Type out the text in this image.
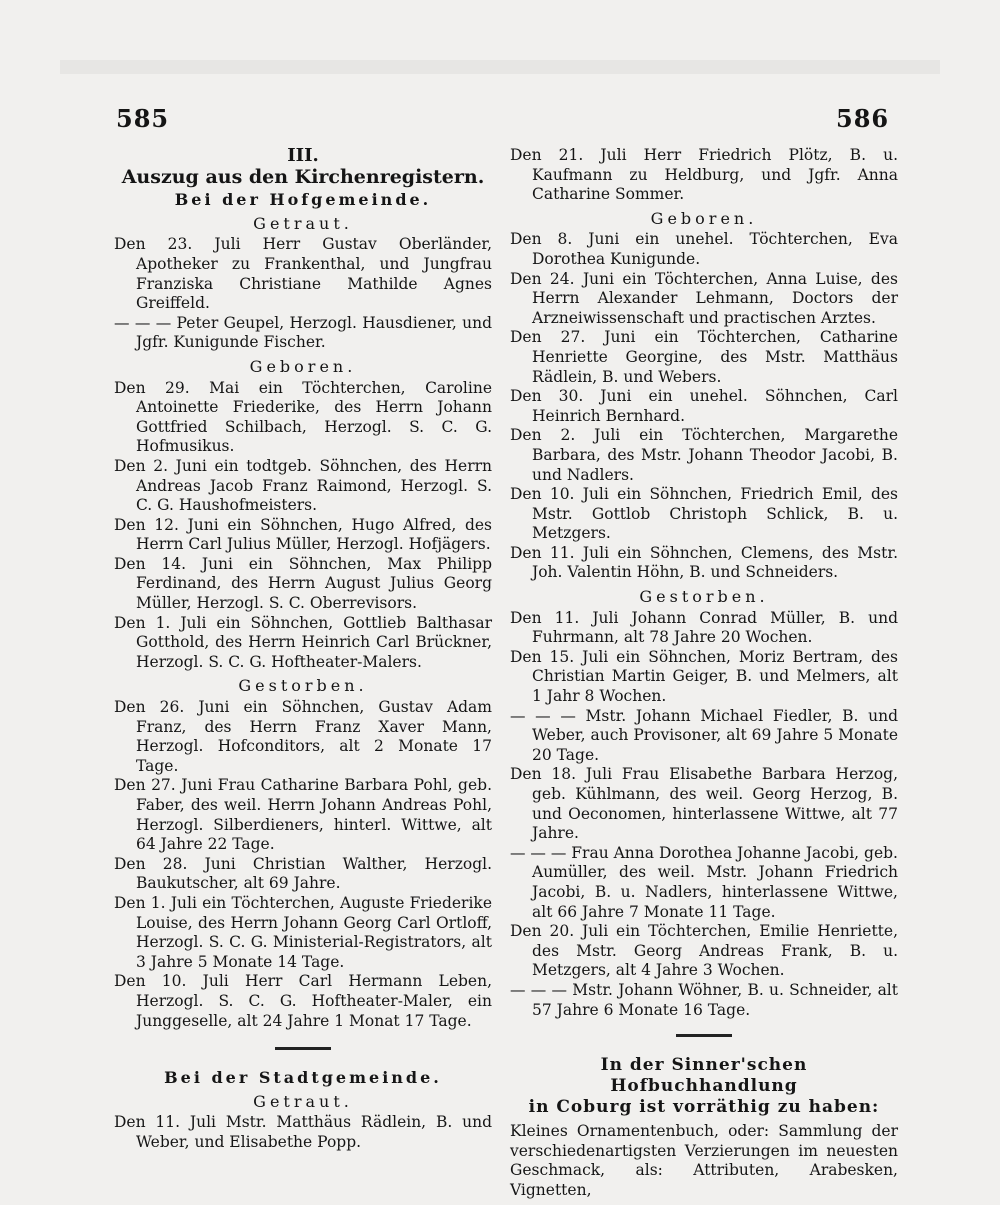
585	586
III.
Auszug aus den Kirchenregistern.
Bei der Hofgemeinde.
Getraut.
Den 23. Juli Herr Gustav Oberländer, Apotheker zu Frankenthal, und Jungfrau Franziska Christiane Mathilde Agnes Greiffeld.
— — — Peter Geupel, Herzogl. Hausdiener, und Jgfr. Kunigunde Fischer.
Geboren.
Den 29. Mai ein Töchterchen, Caroline Antoinette Friederike, des Herrn Johann Gottfried Schilbach, Herzogl. S. C. G. Hofmusikus.
Den 2. Juni ein todtgeb. Söhnchen, des Herrn Andreas Jacob Franz Raimond, Herzogl. S. C. G. Haushofmeisters.
Den 12. Juni ein Söhnchen, Hugo Alfred, des Herrn Carl Julius Müller, Herzogl. Hofjägers.
Den 14. Juni ein Söhnchen, Max Philipp Ferdinand, des Herrn August Julius Georg Müller, Herzogl. S. C. Oberrevisors.
Den 1. Juli ein Söhnchen, Gottlieb Balthasar Gotthold, des Herrn Heinrich Carl Brückner, Herzogl. S. C. G. Hoftheater-Malers.
Gestorben.
Den 26. Juni ein Söhnchen, Gustav Adam Franz, des Herrn Franz Xaver Mann, Herzogl. Hofconditors, alt 2 Monate 17 Tage.
Den 27. Juni Frau Catharine Barbara Pohl, geb. Faber, des weil. Herrn Johann Andreas Pohl, Herzogl. Silberdieners, hinterl. Wittwe, alt 64 Jahre 22 Tage.
Den 28. Juni Christian Walther, Herzogl. Baukutscher, alt 69 Jahre.
Den 1. Juli ein Töchterchen, Auguste Friederike Louise, des Herrn Johann Georg Carl Ortloff, Herzogl. S. C. G. Ministerial-Registrators, alt 3 Jahre 5 Monate 14 Tage.
Den 10. Juli Herr Carl Hermann Leben, Herzogl. S. C. G. Hoftheater-Maler, ein Junggeselle, alt 24 Jahre 1 Monat 17 Tage.
Bei der Stadtgemeinde.
Getraut.
Den 11. Juli Mstr. Matthäus Rädlein, B. und Weber, und Elisabethe Popp.
Den 21. Juli Herr Friedrich Plötz, B. u. Kaufmann zu Heldburg, und Jgfr. Anna Catharine Sommer.
Geboren.
Den 8. Juni ein unehel. Töchterchen, Eva Dorothea Kunigunde.
Den 24. Juni ein Töchterchen, Anna Luise, des Herrn Alexander Lehmann, Doctors der Arzneiwissenschaft und practischen Arztes.
Den 27. Juni ein Töchterchen, Catharine Henriette Georgine, des Mstr. Matthäus Rädlein, B. und Webers.
Den 30. Juni ein unehel. Söhnchen, Carl Heinrich Bernhard.
Den 2. Juli ein Töchterchen, Margarethe Barbara, des Mstr. Johann Theodor Jacobi, B. und Nadlers.
Den 10. Juli ein Söhnchen, Friedrich Emil, des Mstr. Gottlob Christoph Schlick, B. u. Metzgers.
Den 11. Juli ein Söhnchen, Clemens, des Mstr. Joh. Valentin Höhn, B. und Schneiders.
Gestorben.
Den 11. Juli Johann Conrad Müller, B. und Fuhrmann, alt 78 Jahre 20 Wochen.
Den 15. Juli ein Söhnchen, Moriz Bertram, des Christian Martin Geiger, B. und Melmers, alt 1 Jahr 8 Wochen.
— — — Mstr. Johann Michael Fiedler, B. und Weber, auch Provisoner, alt 69 Jahre 5 Monate 20 Tage.
Den 18. Juli Frau Elisabethe Barbara Herzog, geb. Kühlmann, des weil. Georg Herzog, B. und Oeconomen, hinterlassene Wittwe, alt 77 Jahre.
— — — Frau Anna Dorothea Johanne Jacobi, geb. Aumüller, des weil. Mstr. Johann Friedrich Jacobi, B. u. Nadlers, hinterlassene Wittwe, alt 66 Jahre 7 Monate 11 Tage.
Den 20. Juli ein Töchterchen, Emilie Henriette, des Mstr. Georg Andreas Frank, B. u. Metzgers, alt 4 Jahre 3 Wochen.
— — — Mstr. Johann Wöhner, B. u. Schneider, alt 57 Jahre 6 Monate 16 Tage.
In der Sinner'schen Hofbuchhandlung
in Coburg ist vorräthig zu haben:
Kleines Ornamentenbuch, oder: Sammlung der verschiedenartigsten Verzierungen im neuesten Geschmack, als: Attributen, Arabesken, Vignetten,
